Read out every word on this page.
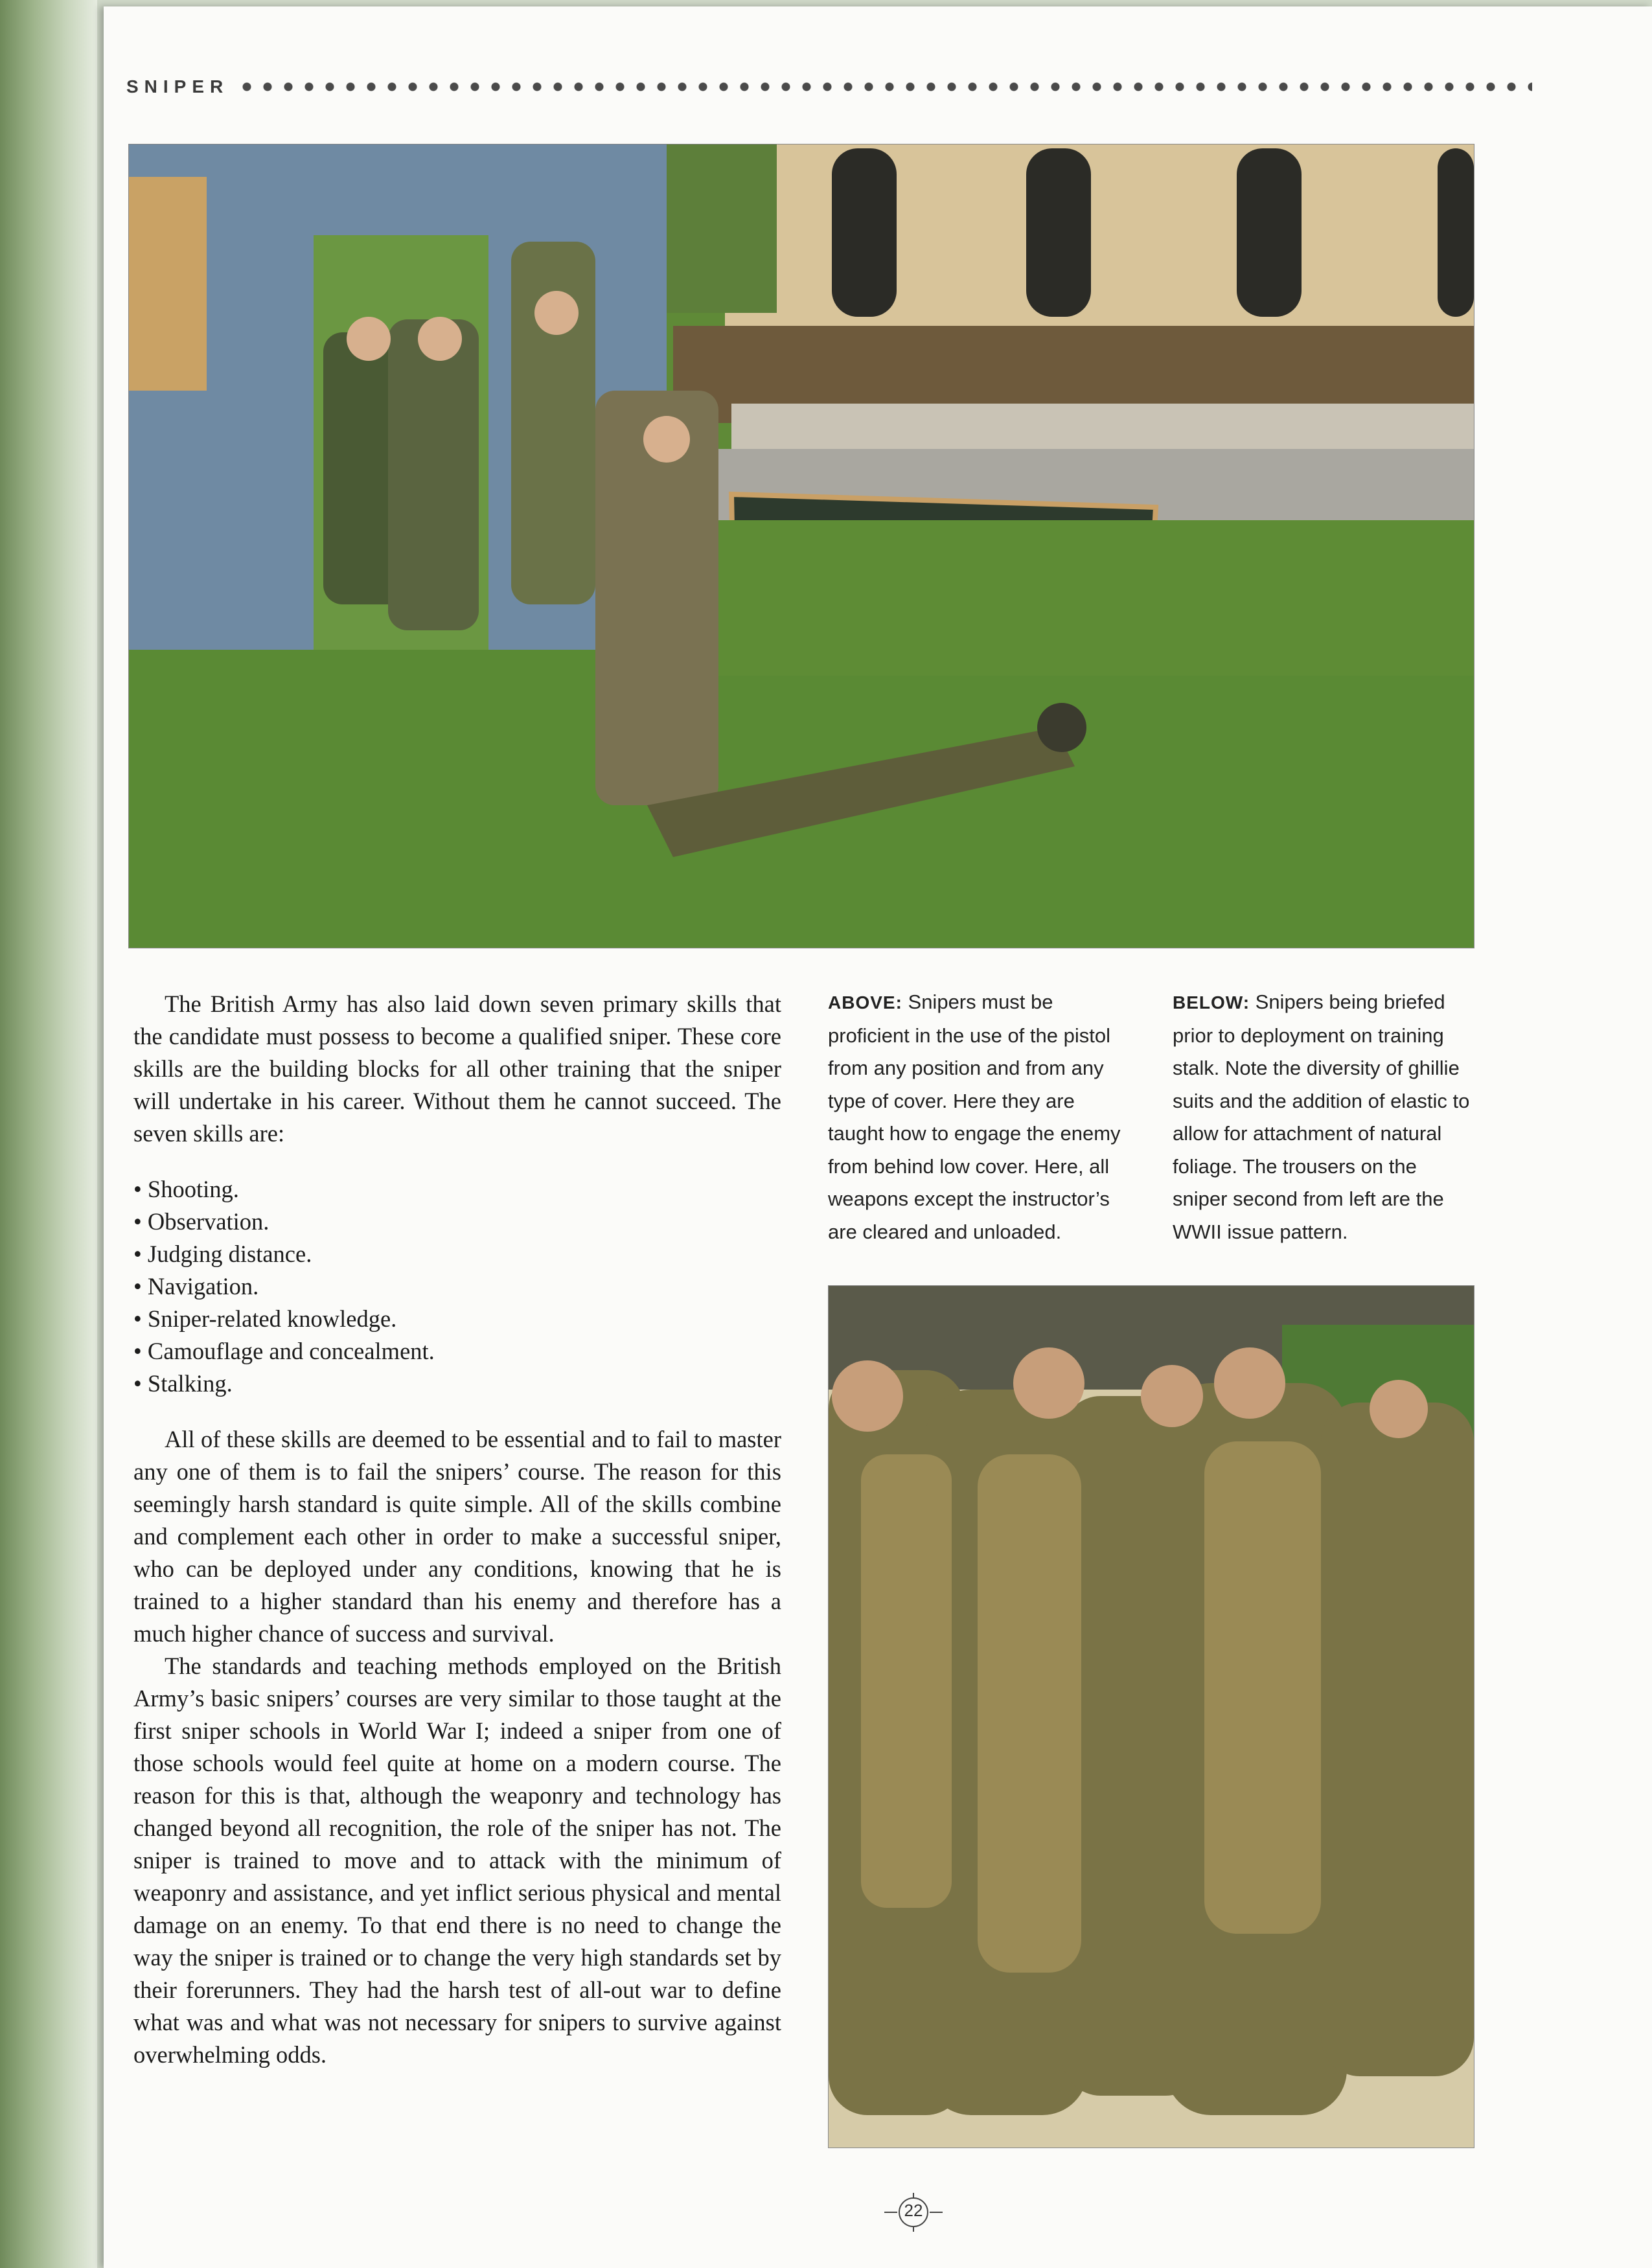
SNIPER

The British Army has also laid down seven primary skills that the candidate must possess to become a qualified sniper. These core skills are the building blocks for all other training that the sniper will undertake in his career. Without them he cannot succeed. The seven skills are:

• Shooting.
• Observation.
• Judging distance.
• Navigation.
• Sniper-related knowledge.
• Camouflage and concealment.
• Stalking.

All of these skills are deemed to be essential and to fail to master any one of them is to fail the snipers’ course. The reason for this seemingly harsh standard is quite simple. All of the skills combine and complement each other in order to make a successful sniper, who can be deployed under any conditions, knowing that he is trained to a higher standard than his enemy and therefore has a much higher chance of success and survival.

The standards and teaching methods employed on the British Army’s basic snipers’ courses are very similar to those taught at the first sniper schools in World War I; indeed a sniper from one of those schools would feel quite at home on a modern course. The reason for this is that, although the weaponry and technology has changed beyond all recognition, the role of the sniper has not. The sniper is trained to move and to attack with the minimum of weaponry and assistance, and yet inflict serious physical and mental damage on an enemy. To that end there is no need to change the way the sniper is trained or to change the very high standards set by their forerunners. They had the harsh test of all-out war to define what was and what was not necessary for snipers to survive against overwhelming odds.

ABOVE: Snipers must be proficient in the use of the pistol from any position and from any type of cover. Here they are taught how to engage the enemy from behind low cover. Here, all weapons except the instructor’s are cleared and unloaded.
BELOW: Snipers being briefed prior to deployment on training stalk. Note the diversity of ghillie suits and the addition of elastic to allow for attachment of natural foliage. The trousers on the sniper second from left are the WWII issue pattern.
22
